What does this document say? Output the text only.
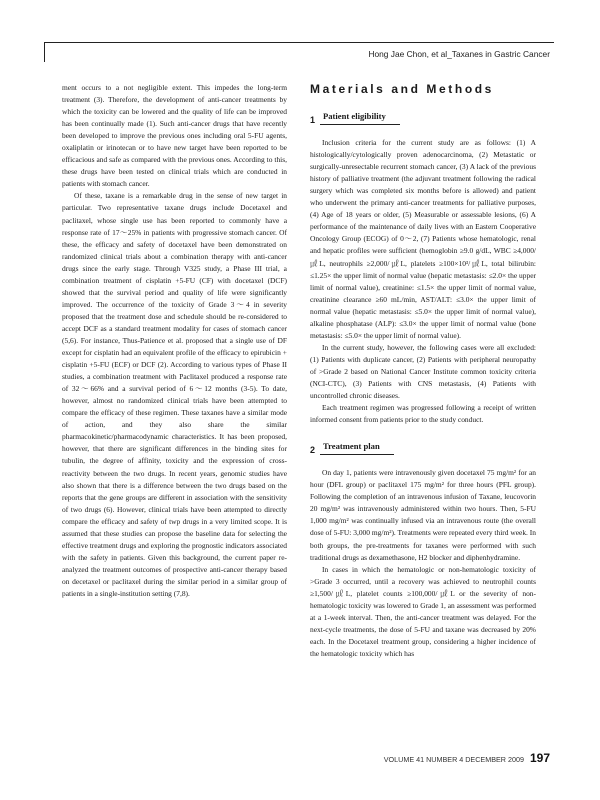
Hong Jae Chon, et al_Taxanes in Gastric Cancer

ment occurs to a not negligible extent. This impedes the long-term treatment (3). Therefore, the development of anti-cancer treatments by which the toxicity can be lowered and the quality of life can be improved has been continually made (1). Such anti-cancer drugs that have recently been developed to improve the previous ones including oral 5-FU agents, oxaliplatin or irinotecan or to have new target have been reported to be efficacious and safe as compared with the previous ones. According to this, these drugs have been tested on clinical trials which are conducted in patients with stomach cancer.

Of these, taxane is a remarkable drug in the sense of new target in particular. Two representative taxane drugs include Docetaxel and paclitaxel, whose single use has been reported to commonly have a response rate of 17～25% in patients with progressive stomach cancer. Of these, the efficacy and safety of docetaxel have been demonstrated on randomized clinical trials about a combination therapy with anti-cancer drugs since the early stage. Through V325 study, a Phase III trial, a combination treatment of cisplatin +5-FU (CF) with docetaxel (DCF) showed that the survival period and quality of life were significantly improved. The occurrence of the toxicity of Grade 3～4 in severity proposed that the treatment dose and schedule should be re-considered to accept DCF as a standard treatment modality for cases of stomach cancer (5,6). For instance, Thus-Patience et al. proposed that a single use of DF except for cisplatin had an equivalent profile of the efficacy to epirubicin + cisplatin +5-FU (ECF) or DCF (2). According to various types of Phase II studies, a combination treatment with Paclitaxel produced a response rate of 32～66% and a survival period of 6～12 months (3-5). To date, however, almost no randomized clinical trials have been attempted to compare the efficacy of these regimen. These taxanes have a similar mode of action, and they also share the similar pharmacokinetic/pharmacodynamic characteristics. It has been proposed, however, that there are significant differences in the binding sites for tubulin, the degree of affinity, toxicity and the expression of cross-reactivity between the two drugs. In recent years, genomic studies have also shown that there is a difference between the two drugs based on the reports that the gene groups are different in association with the sensitivity of two drugs (6). However, clinical trials have been attempted to directly compare the efficacy and safety of twp drugs in a very limited scope. It is assumed that these studies can propose the baseline data for selecting the effective treatment drugs and exploring the prognostic indicators associated with the safety in patients. Given this background, the current paper re-analyzed the treatment outcomes of prospective anti-cancer therapy based on decetaxel or paclitaxel during the similar period in a similar group of patients in a single-institution setting (7,8).

Materials and Methods
1 Patient eligibility

Inclusion criteria for the current study are as follows: (1) A histologically/cytologically proven adenocarcinoma, (2) Metastatic or surgically-unresectable recurrent stomach cancer, (3) A lack of the previous history of palliative treatment (the adjuvant treatment following the radical surgery which was completed six months before is allowed) and patient who underwent the primary anti-cancer treatments for palliative purposes, (4) Age of 18 years or older, (5) Measurable or assessable lesions, (6) A performance of the maintenance of daily lives with an Eastern Cooperative Oncology Group (ECOG) of 0～2, (7) Patients whose hematologic, renal and hepatic profiles were sufficient (hemoglobin ≥9.0 g/dL, WBC ≥4,000/㎕L, neutrophils ≥2,000/㎕L, platelets ≥100×10³/㎕L, total bilirubin: ≤1.25× the upper limit of normal value (hepatic metastasis: ≤2.0× the upper limit of normal value), creatinine: ≤1.5× the upper limit of normal value, creatinine clearance ≥60 mL/min, AST/ALT: ≤3.0× the upper limit of normal value (hepatic metastasis: ≤5.0× the upper limit of normal value), alkaline phosphatase (ALP): ≤3.0× the upper limit of normal value (bone metastasis: ≤5.0× the upper limit of normal value).

In the current study, however, the following cases were all excluded: (1) Patients with duplicate cancer, (2) Patients with peripheral neuropathy of >Grade 2 based on National Cancer Institute common toxicity criteria (NCI-CTC), (3) Patients with CNS metastasis, (4) Patients with uncontrolled chronic diseases.

Each treatment regimen was progressed following a receipt of written informed consent from patients prior to the study conduct.

2 Treatment plan

On day 1, patients were intravenously given docetaxel 75 mg/m² for an hour (DFL group) or paclitaxel 175 mg/m² for three hours (PFL group). Following the completion of an intravenous infusion of Taxane, leucovorin 20 mg/m² was intravenously administered within two hours. Then, 5-FU 1,000 mg/m² was continually infused via an intravenous route (the overall dose of 5-FU: 3,000 mg/m²). Treatments were repeated every third week. In both groups, the pre-treatments for taxanes were performed with such traditional drugs as dexamethasone, H2 blocker and diphenhydramine.

In cases in which the hematologic or non-hematologic toxicity of >Grade 3 occurred, until a recovery was achieved to neutrophil counts ≥1,500/㎕L, platelet counts ≥100,000/㎕L or the severity of non-hematologic toxicity was lowered to Grade 1, an assessment was performed at a 1-week interval. Then, the anti-cancer treatment was delayed. For the next-cycle treatments, the dose of 5-FU and taxane was decreased by 20% each. In the Docetaxel treatment group, considering a higher incidence of the hematologic toxicity which has

VOLUME 41 NUMBER 4 DECEMBER 2009 197
